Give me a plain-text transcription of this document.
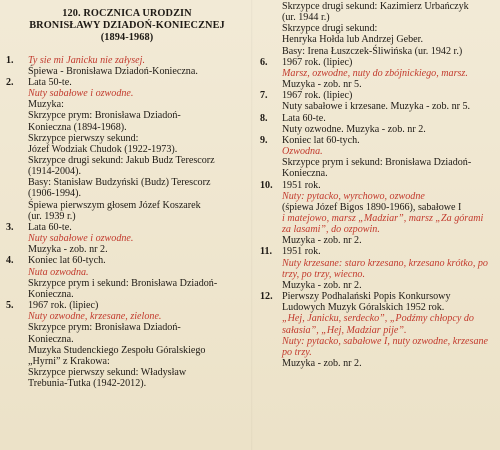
120. ROCZNICA URODZIN
BRONISŁAWY DZIADOŃ-KONIECZNEJ
(1894-1968)
1.	Ty sie mi Janicku nie załysej.
Śpiewa - Bronisława Dziadoń-Konieczna.
2.	Lata 50-te.
Nuty sabałowe i ozwodne.
Muzyka:
Skrzypce prym: Bronisława Dziadoń-
Konieczna (1894-1968).
Skrzypce pierwszy sekund:
Józef Wodziak Chudok (1922-1973).
Skrzypce drugi sekund: Jakub Budz Terescorz
(1914-2004).
Basy: Stanisław Budzyński (Budz) Terescorz
(1906-1994).
Śpiewa pierwszym głosem Józef Koszarek
(ur. 1939 r.)
3.	Lata 60-te.
Nuty sabałowe i ozwodne.
Muzyka - zob. nr 2.
4.	Koniec lat 60-tych.
Nuta ozwodna.
Skrzypce prym i sekund: Bronisława Dziadoń-
Konieczna.
5.	1967 rok. (lipiec)
Nuty ozwodne, krzesane, zielone.
Skrzypce prym: Bronisława Dziadoń-
Konieczna.
Muzyka Studenckiego Zespołu Góralskiego
„Hyrni” z Krakowa:
Skrzypce pierwszy sekund: Władysław
Trebunia-Tutka (1942-2012).
Skrzypce drugi sekund: Kazimierz Urbańczyk
(ur. 1944 r.)
Skrzypce drugi sekund:
Henryka Hołda lub Andrzej Geber.
Basy: Irena Łuszczek-Śliwińska (ur. 1942 r.)
6.	1967 rok. (lipiec)
Marsz, ozwodne, nuty do zbójnickiego, marsz.
Muzyka - zob. nr 5.
7.	1967 rok. (lipiec)
Nuty sabałowe i krzesane. Muzyka - zob. nr 5.
8.	Lata 60-te.
Nuty ozwodne. Muzyka - zob. nr 2.
9.	Koniec lat 60-tych.
Ozwodna.
Skrzypce prym i sekund: Bronisława Dziadoń-
Konieczna.
10. 1951 rok.
Nuty: pytacko, wyrchowo, ozwodne
(śpiewa Józef Bigos 1890-1966), sabałowe I
i matejowo, marsz „Madziar”, marsz „Za górami
za lasami”, do ozpowin.
Muzyka - zob. nr 2.
11. 1951 rok.
Nuty krzesane: staro krzesano, krzesano krótko, po
trzy, po trzy, wiecno.
Muzyka - zob. nr 2.
12. Pierwszy Podhalański Popis Konkursowy
Ludowych Muzyk Góralskich 1952 rok.
„Hej, Janicku, serdecko”, „Podźmy chłopcy do
sałasia”, „Hej, Madziar pije”.
Nuty: pytacko, sabałowe I, nuty ozwodne, krzesane
po trzy.
Muzyka - zob. nr 2.
